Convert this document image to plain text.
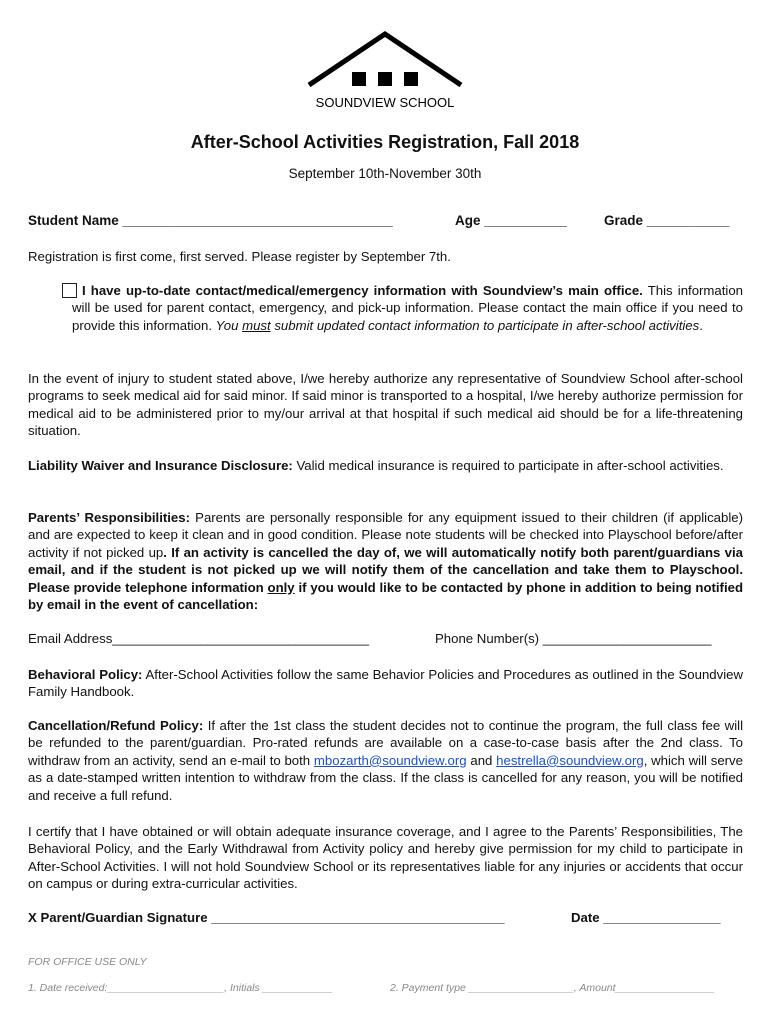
SOUNDVIEW SCHOOL
After-School Activities Registration, Fall 2018
September 10th-November 30th
Student Name ____________________________________	Age ___________	Grade ___________
Registration is first come, first served. Please register by September 7th.
I have up-to-date contact/medical/emergency information with Soundview’s main office. This information will be used for parent contact, emergency, and pick-up information. Please contact the main office if you need to provide this information. You must submit updated contact information to participate in after-school activities.
In the event of injury to student stated above, I/we hereby authorize any representative of Soundview School after-school programs to seek medical aid for said minor. If said minor is transported to a hospital, I/we hereby authorize permission for medical aid to be administered prior to my/our arrival at that hospital if such medical aid should be for a life-threatening situation.
Liability Waiver and Insurance Disclosure: Valid medical insurance is required to participate in after-school activities.
Parents’ Responsibilities: Parents are personally responsible for any equipment issued to their children (if applicable) and are expected to keep it clean and in good condition. Please note students will be checked into Playschool before/after activity if not picked up. If an activity is cancelled the day of, we will automatically notify both parent/guardians via email, and if the student is not picked up we will notify them of the cancellation and take them to Playschool. Please provide telephone information only if you would like to be contacted by phone in addition to being notified by email in the event of cancellation:
Email Address___________________________________	Phone Number(s) _______________________
Behavioral Policy: After-School Activities follow the same Behavior Policies and Procedures as outlined in the Soundview Family Handbook.
Cancellation/Refund Policy: If after the 1st class the student decides not to continue the program, the full class fee will be refunded to the parent/guardian. Pro-rated refunds are available on a case-to-case basis after the 2nd class. To withdraw from an activity, send an e-mail to both mbozarth@soundview.org and hestrella@soundview.org, which will serve as a date-stamped written intention to withdraw from the class. If the class is cancelled for any reason, you will be notified and receive a full refund.
I certify that I have obtained or will obtain adequate insurance coverage, and I agree to the Parents’ Responsibilities, The Behavioral Policy, and the Early Withdrawal from Activity policy and hereby give permission for my child to participate in After-School Activities. I will not hold Soundview School or its representatives liable for any injuries or accidents that occur on campus or during extra-curricular activities.
X Parent/Guardian Signature ________________________________________	Date ________________
FOR OFFICE USE ONLY
1. Date received:____________________, Initials ____________	2. Payment type __________________, Amount_________________
